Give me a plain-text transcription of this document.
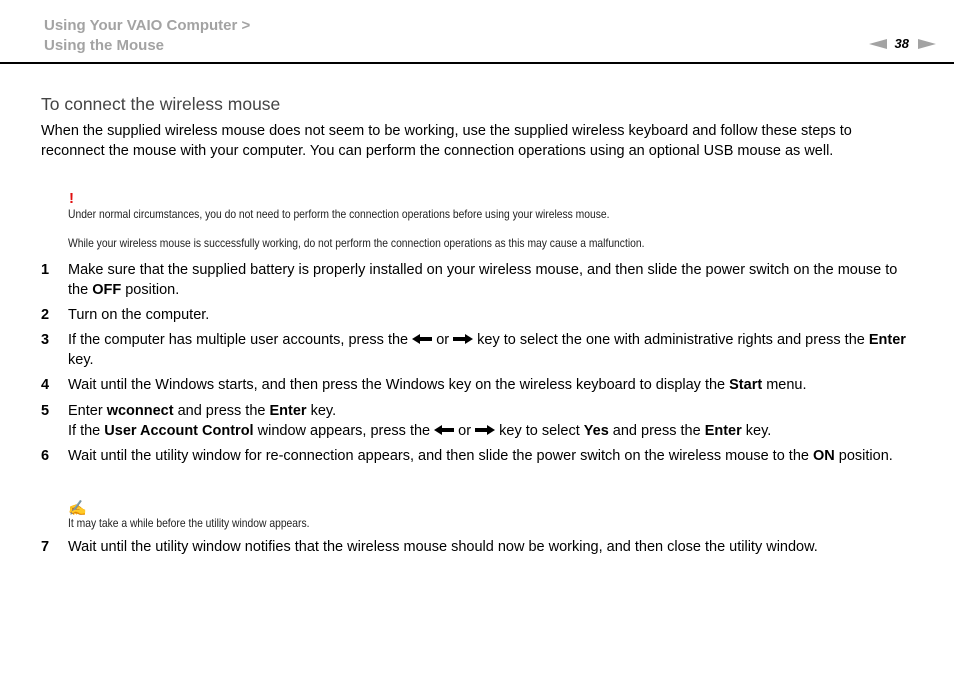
Using Your VAIO Computer >
Using the Mouse	38
To connect the wireless mouse
When the supplied wireless mouse does not seem to be working, use the supplied wireless keyboard and follow these steps to reconnect the mouse with your computer. You can perform the connection operations using an optional USB mouse as well.
!
Under normal circumstances, you do not need to perform the connection operations before using your wireless mouse.
While your wireless mouse is successfully working, do not perform the connection operations as this may cause a malfunction.
1 Make sure that the supplied battery is properly installed on your wireless mouse, and then slide the power switch on the mouse to the OFF position.
2 Turn on the computer.
3 If the computer has multiple user accounts, press the or key to select the one with administrative rights and press the Enter key.
4 Wait until the Windows starts, and then press the Windows key on the wireless keyboard to display the Start menu.
5 Enter wconnect and press the Enter key.
If the User Account Control window appears, press the or key to select Yes and press the Enter key.
6 Wait until the utility window for re-connection appears, and then slide the power switch on the wireless mouse to the ON position.
✍
It may take a while before the utility window appears.
7 Wait until the utility window notifies that the wireless mouse should now be working, and then close the utility window.
